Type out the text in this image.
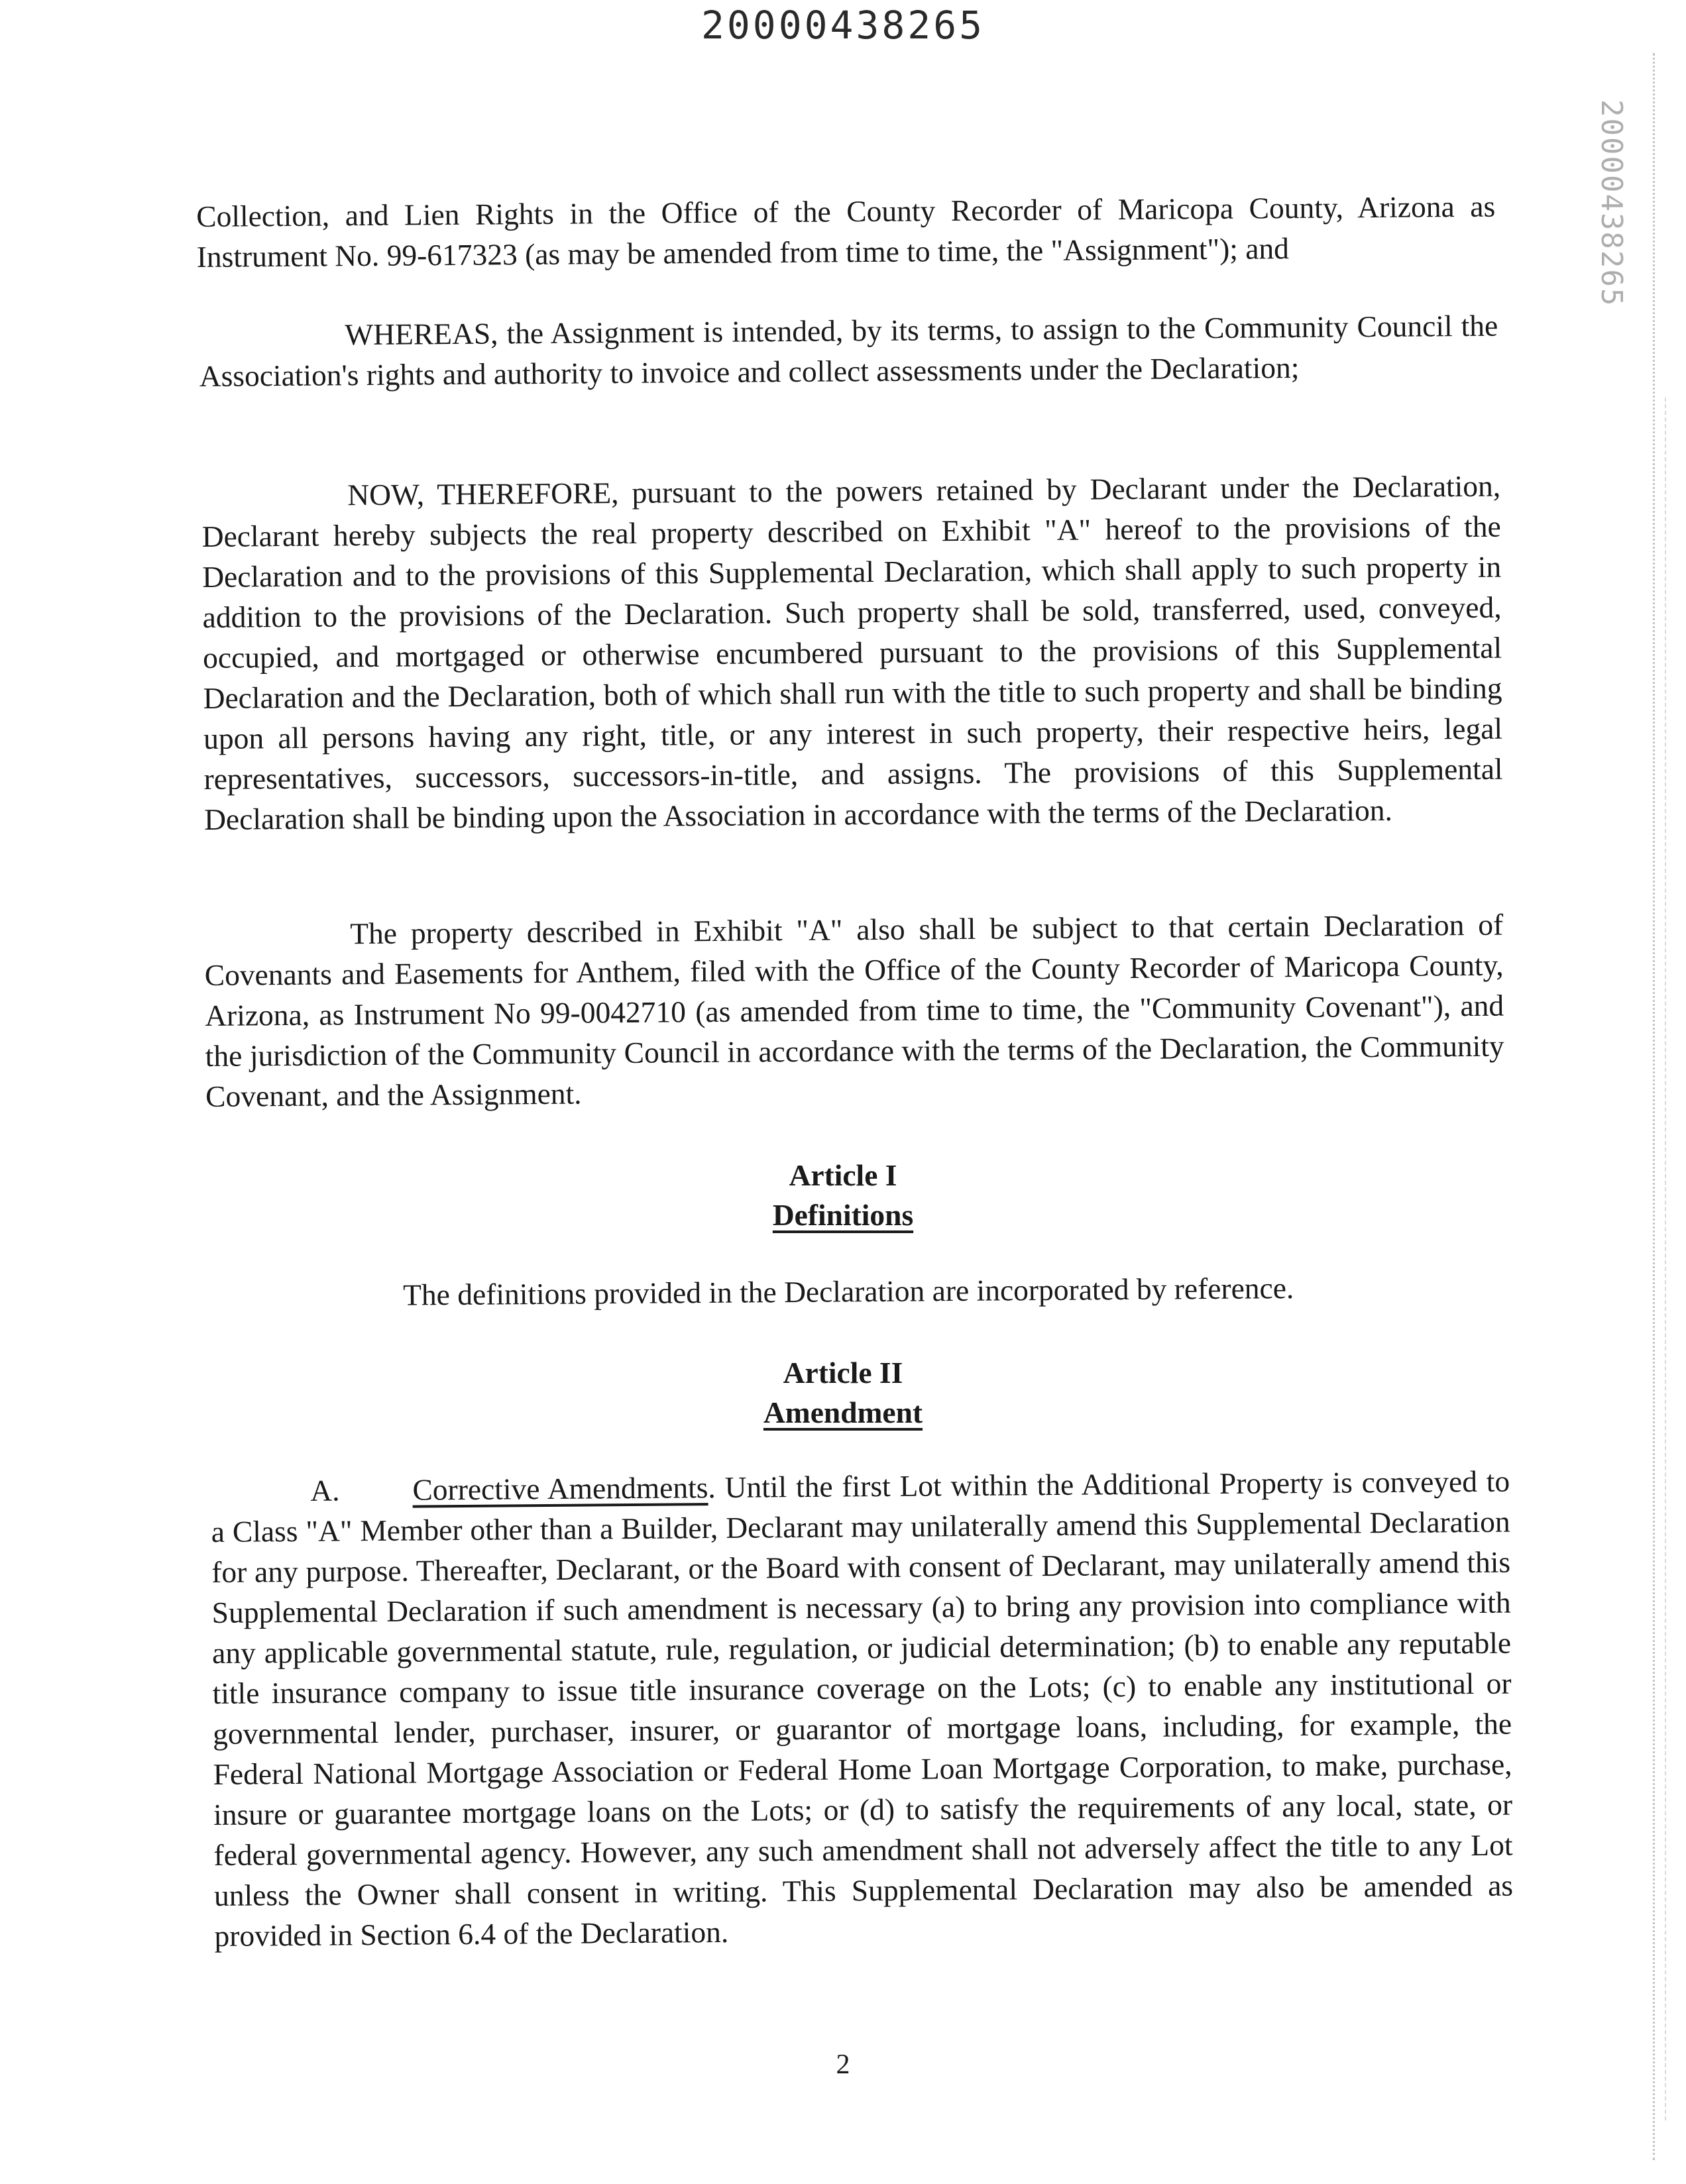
20000438265
20000438265

Collection, and Lien Rights in the Office of the County Recorder of Maricopa County, Arizona as Instrument No. 99-617323 (as may be amended from time to time, the "Assignment"); and

WHEREAS, the Assignment is intended, by its terms, to assign to the Community Council the Association's rights and authority to invoice and collect assessments under the Declaration;

NOW, THEREFORE, pursuant to the powers retained by Declarant under the Declaration, Declarant hereby subjects the real property described on Exhibit "A" hereof to the provisions of the Declaration and to the provisions of this Supplemental Declaration, which shall apply to such property in addition to the provisions of the Declaration. Such property shall be sold, transferred, used, conveyed, occupied, and mortgaged or otherwise encumbered pursuant to the provisions of this Supplemental Declaration and the Declaration, both of which shall run with the title to such property and shall be binding upon all persons having any right, title, or any interest in such property, their respective heirs, legal representatives, successors, successors-in-title, and assigns. The provisions of this Supplemental Declaration shall be binding upon the Association in accordance with the terms of the Declaration.

The property described in Exhibit "A" also shall be subject to that certain Declaration of Covenants and Easements for Anthem, filed with the Office of the County Recorder of Maricopa County, Arizona, as Instrument No 99-0042710 (as amended from time to time, the "Community Covenant"), and the jurisdiction of the Community Council in accordance with the terms of the Declaration, the Community Covenant, and the Assignment.

Article I
Definitions

The definitions provided in the Declaration are incorporated by reference.

Article II
Amendment

A. Corrective Amendments. Until the first Lot within the Additional Property is conveyed to a Class "A" Member other than a Builder, Declarant may unilaterally amend this Supplemental Declaration for any purpose. Thereafter, Declarant, or the Board with consent of Declarant, may unilaterally amend this Supplemental Declaration if such amendment is necessary (a) to bring any provision into compliance with any applicable governmental statute, rule, regulation, or judicial determination; (b) to enable any reputable title insurance company to issue title insurance coverage on the Lots; (c) to enable any institutional or governmental lender, purchaser, insurer, or guarantor of mortgage loans, including, for example, the Federal National Mortgage Association or Federal Home Loan Mortgage Corporation, to make, purchase, insure or guarantee mortgage loans on the Lots; or (d) to satisfy the requirements of any local, state, or federal governmental agency. However, any such amendment shall not adversely affect the title to any Lot unless the Owner shall consent in writing. This Supplemental Declaration may also be amended as provided in Section 6.4 of the Declaration.

2
